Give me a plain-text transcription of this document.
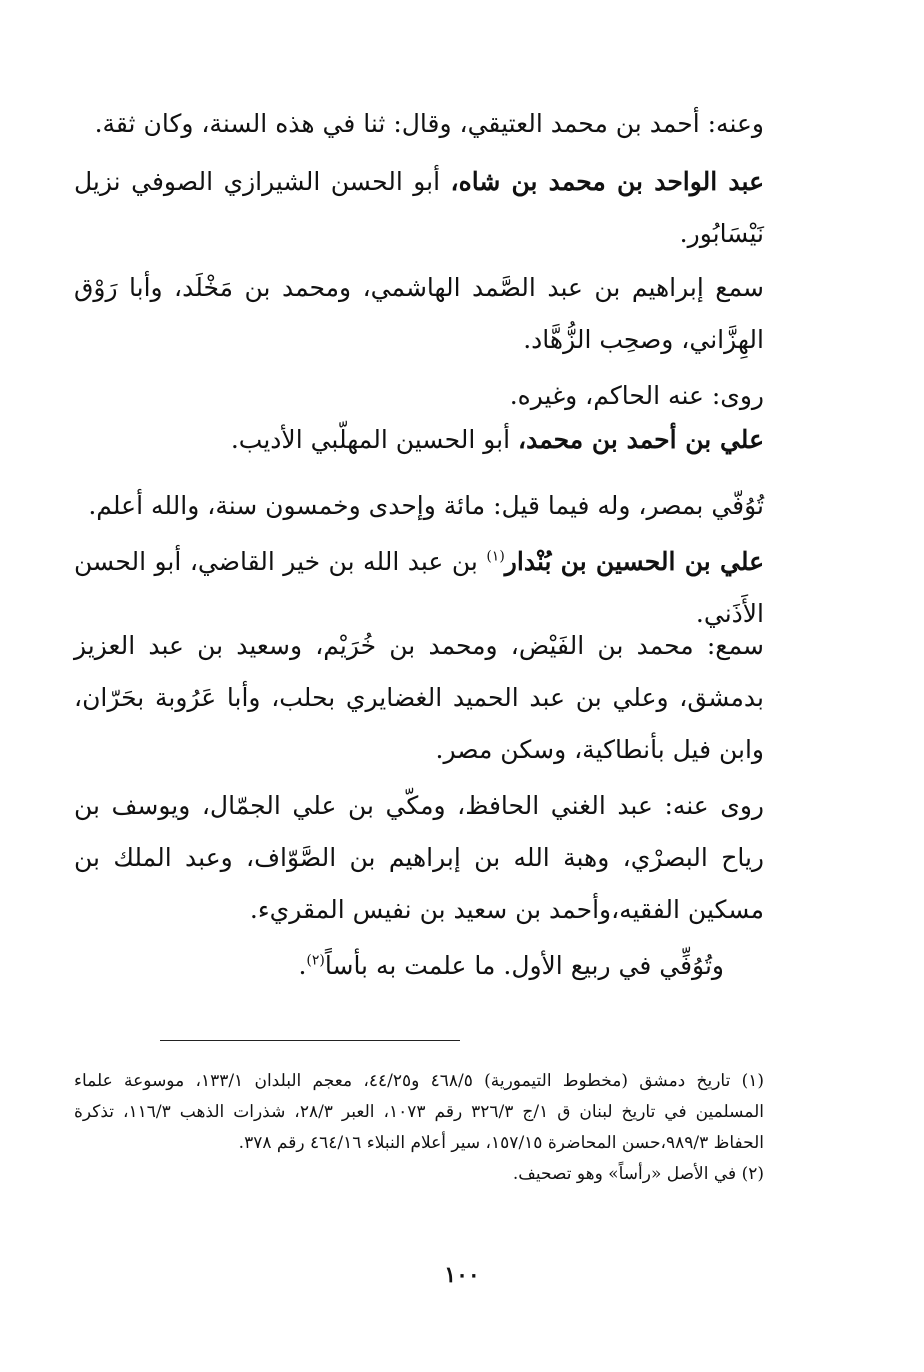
وعنه: أحمد بن محمد العتيقي، وقال: ثنا في هذه السنة، وكان ثقة.
عبد الواحد بن محمد بن شاه، أبو الحسن الشيرازي الصوفي نزيل نَيْسَابُور.
سمع إبراهيم بن عبد الصَّمد الهاشمي، ومحمد بن مَخْلَد، وأبا رَوْق الهِزَّاني، وصحِب الزُّهَّاد.
روى: عنه الحاكم، وغيره.
علي بن أحمد بن محمد، أبو الحسين المهلّبي الأديب.
تُوُفّي بمصر، وله فيما قيل: مائة وإحدى وخمسون سنة، والله أعلم.
علي بن الحسين بن بُنْدار$^{(١)}$ بن عبد الله بن خير القاضي، أبو الحسن الأَذَني.
سمع: محمد بن الفَيْض، ومحمد بن خُرَيْم، وسعيد بن عبد العزيز بدمشق، وعلي بن عبد الحميد الغضايري بحلب، وأبا عَرُوبة بحَرّان، وابن فيل بأنطاكية، وسكن مصر.
روى عنه: عبد الغني الحافظ، ومكّي بن علي الجمّال، ويوسف بن رياح البصرْي، وهبة الله بن إبراهيم بن الصَّوّاف، وعبد الملك بن مسكين الفقيه،وأحمد بن سعيد بن نفيس المقريء.
وتُوُفِّي في ربيع الأول. ما علمت به بأساً$^{(٢)}$.

(١) تاريخ دمشق (مخطوط التيمورية) ٤٦٨/٥ و٤٤/٢٥، معجم البلدان ١٣٣/١، موسوعة علماء المسلمين في تاريخ لبنان ق ١/ج ٣٢٦/٣ رقم ١٠٧٣، العبر ٢٨/٣، شذرات الذهب ١١٦/٣، تذكرة الحفاظ ٩٨٩/٣،حسن المحاضرة ١٥٧/١٥، سير أعلام النبلاء ٤٦٤/١٦ رقم ٣٧٨.

(٢) في الأصل «رأساً» وهو تصحيف.

١٠٠
